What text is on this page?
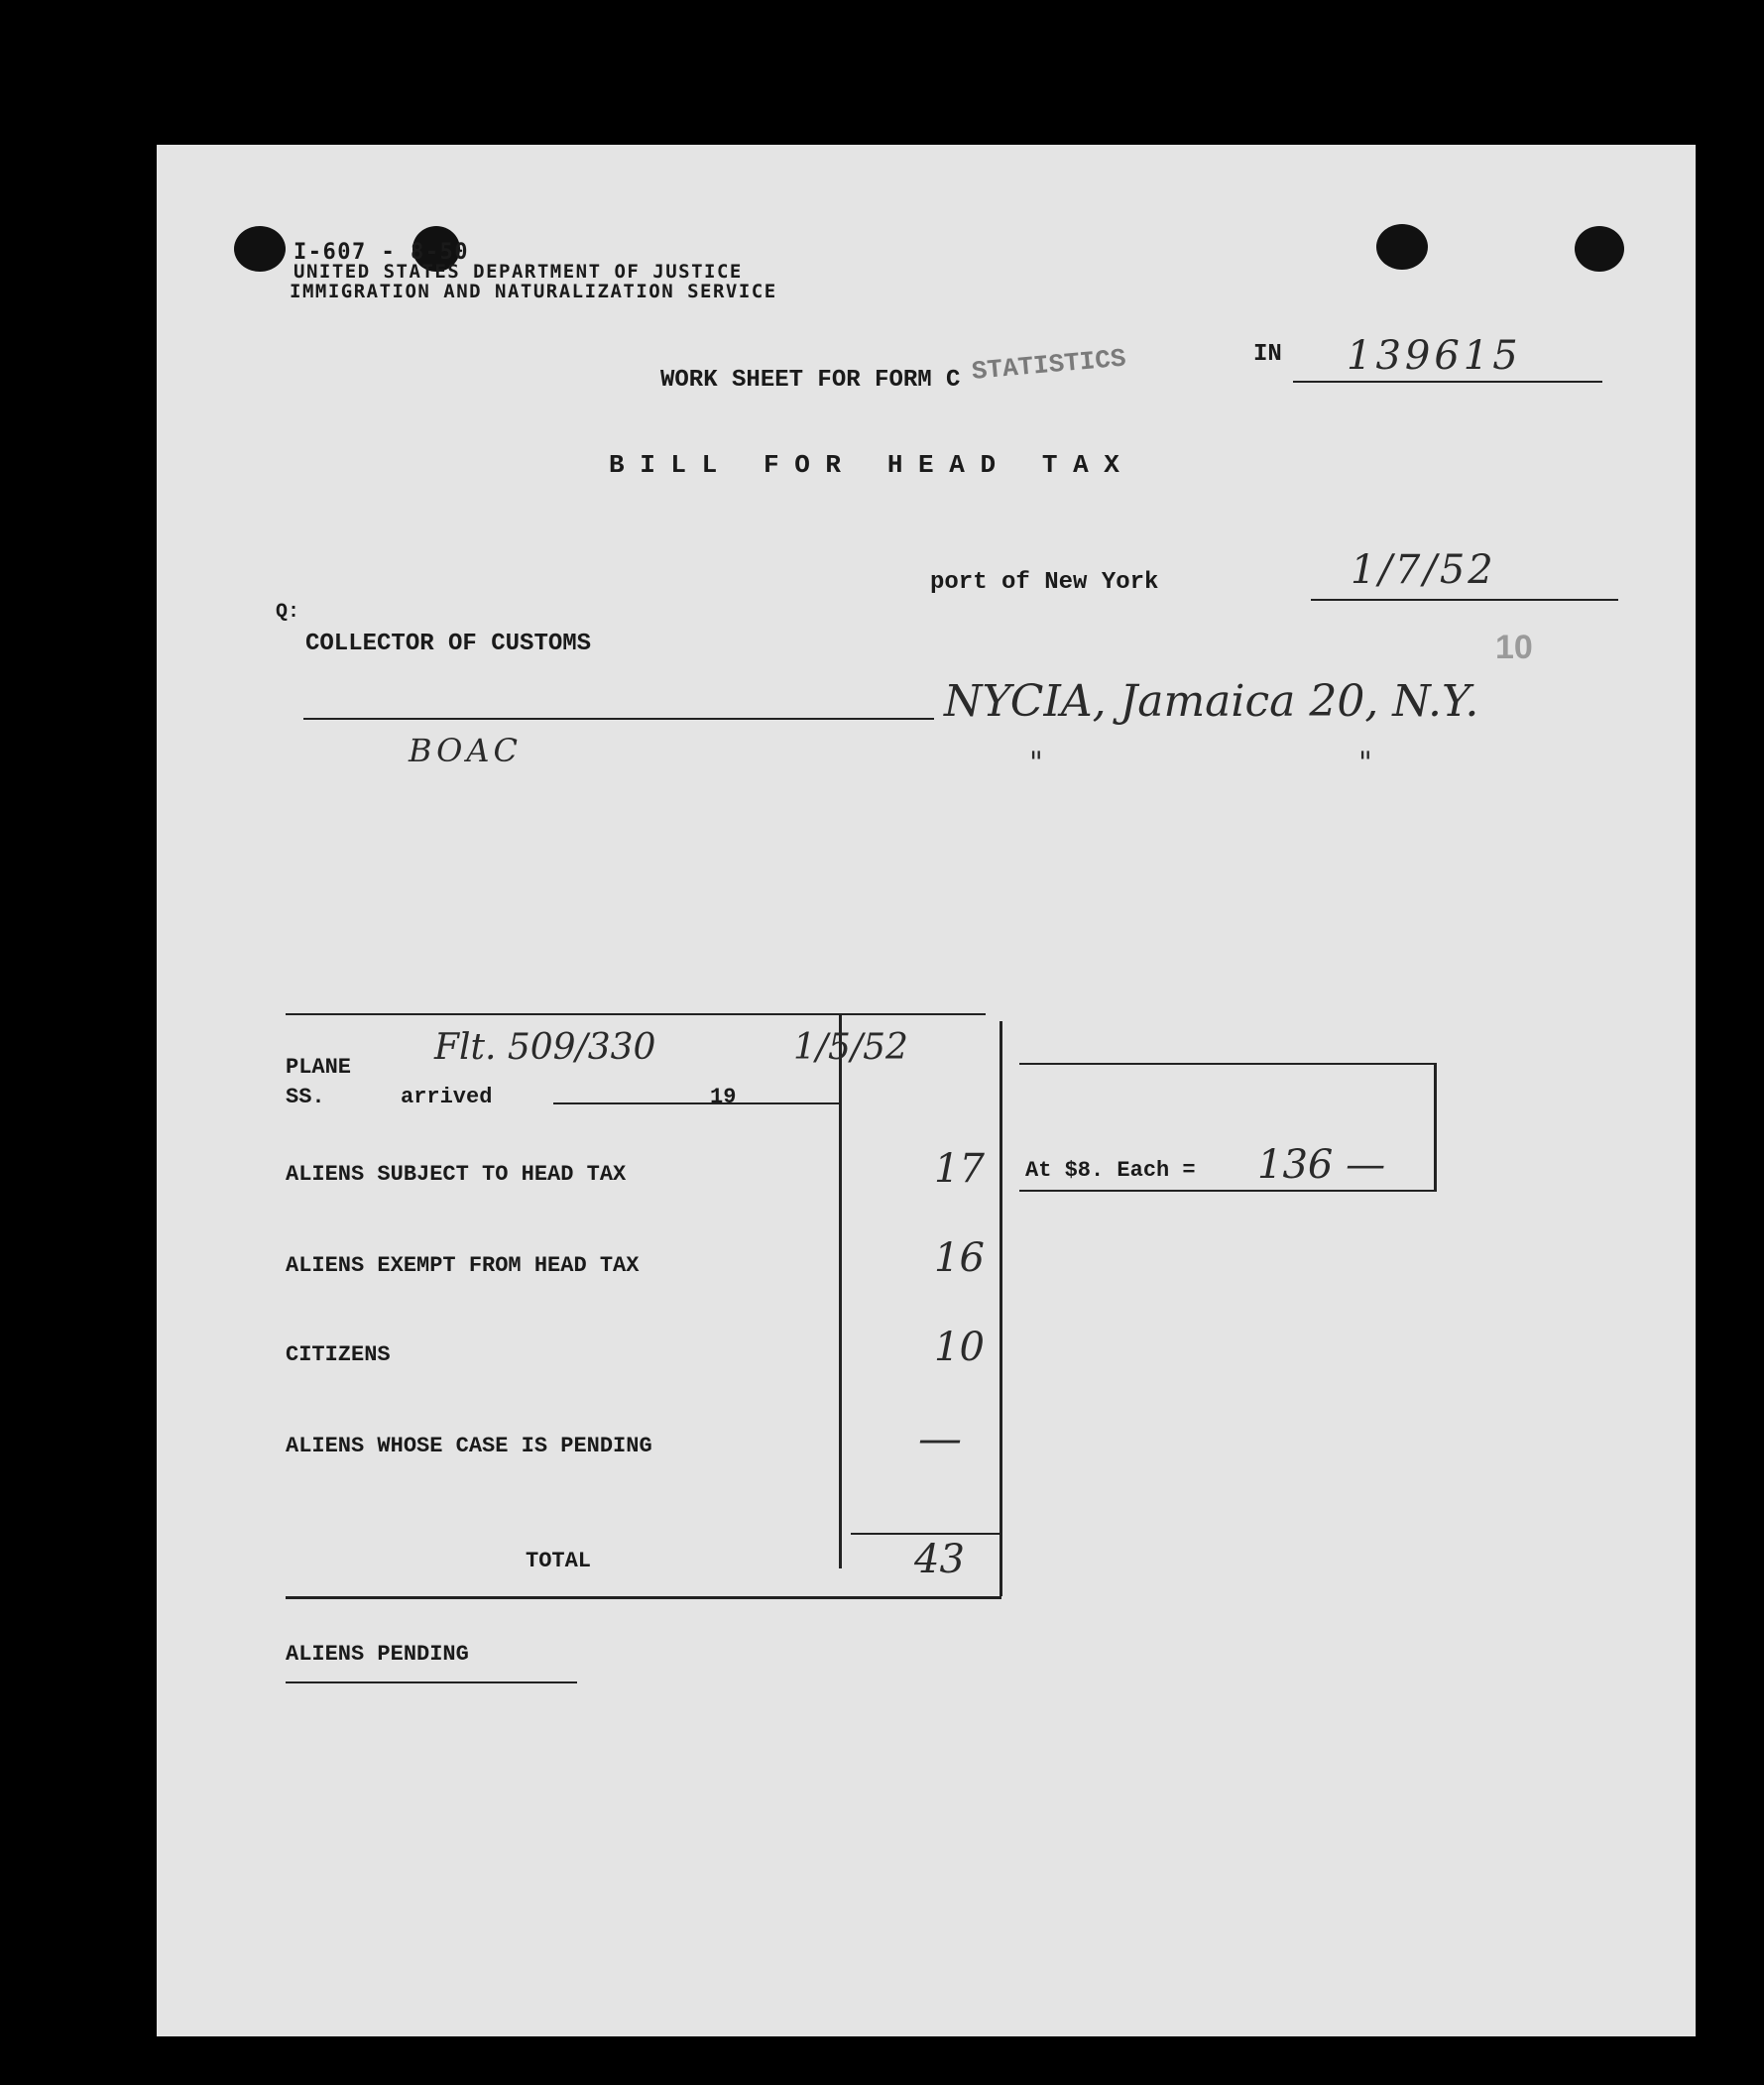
I-607 - 8-50
UNITED STATES DEPARTMENT OF JUSTICE
IMMIGRATION AND NATURALIZATION SERVICE
WORK SHEET FOR FORM C STATISTICS	IN 139615
B I L L   F O R   H E A D   T A X
port of New York	1/7/52
Q:
COLLECTOR OF CUSTOMS	10
NYCIA, Jamaica 20, N.Y.
BOAC	"	"
PLANE
SS.	arrived	19
Flt. 509/330	1/5/52
ALIENS SUBJECT TO HEAD TAX	17
ALIENS EXEMPT FROM HEAD TAX	16
CITIZENS	10
ALIENS WHOSE CASE IS PENDING	—
TOTAL	43
At $8. Each = 136 —
ALIENS PENDING
